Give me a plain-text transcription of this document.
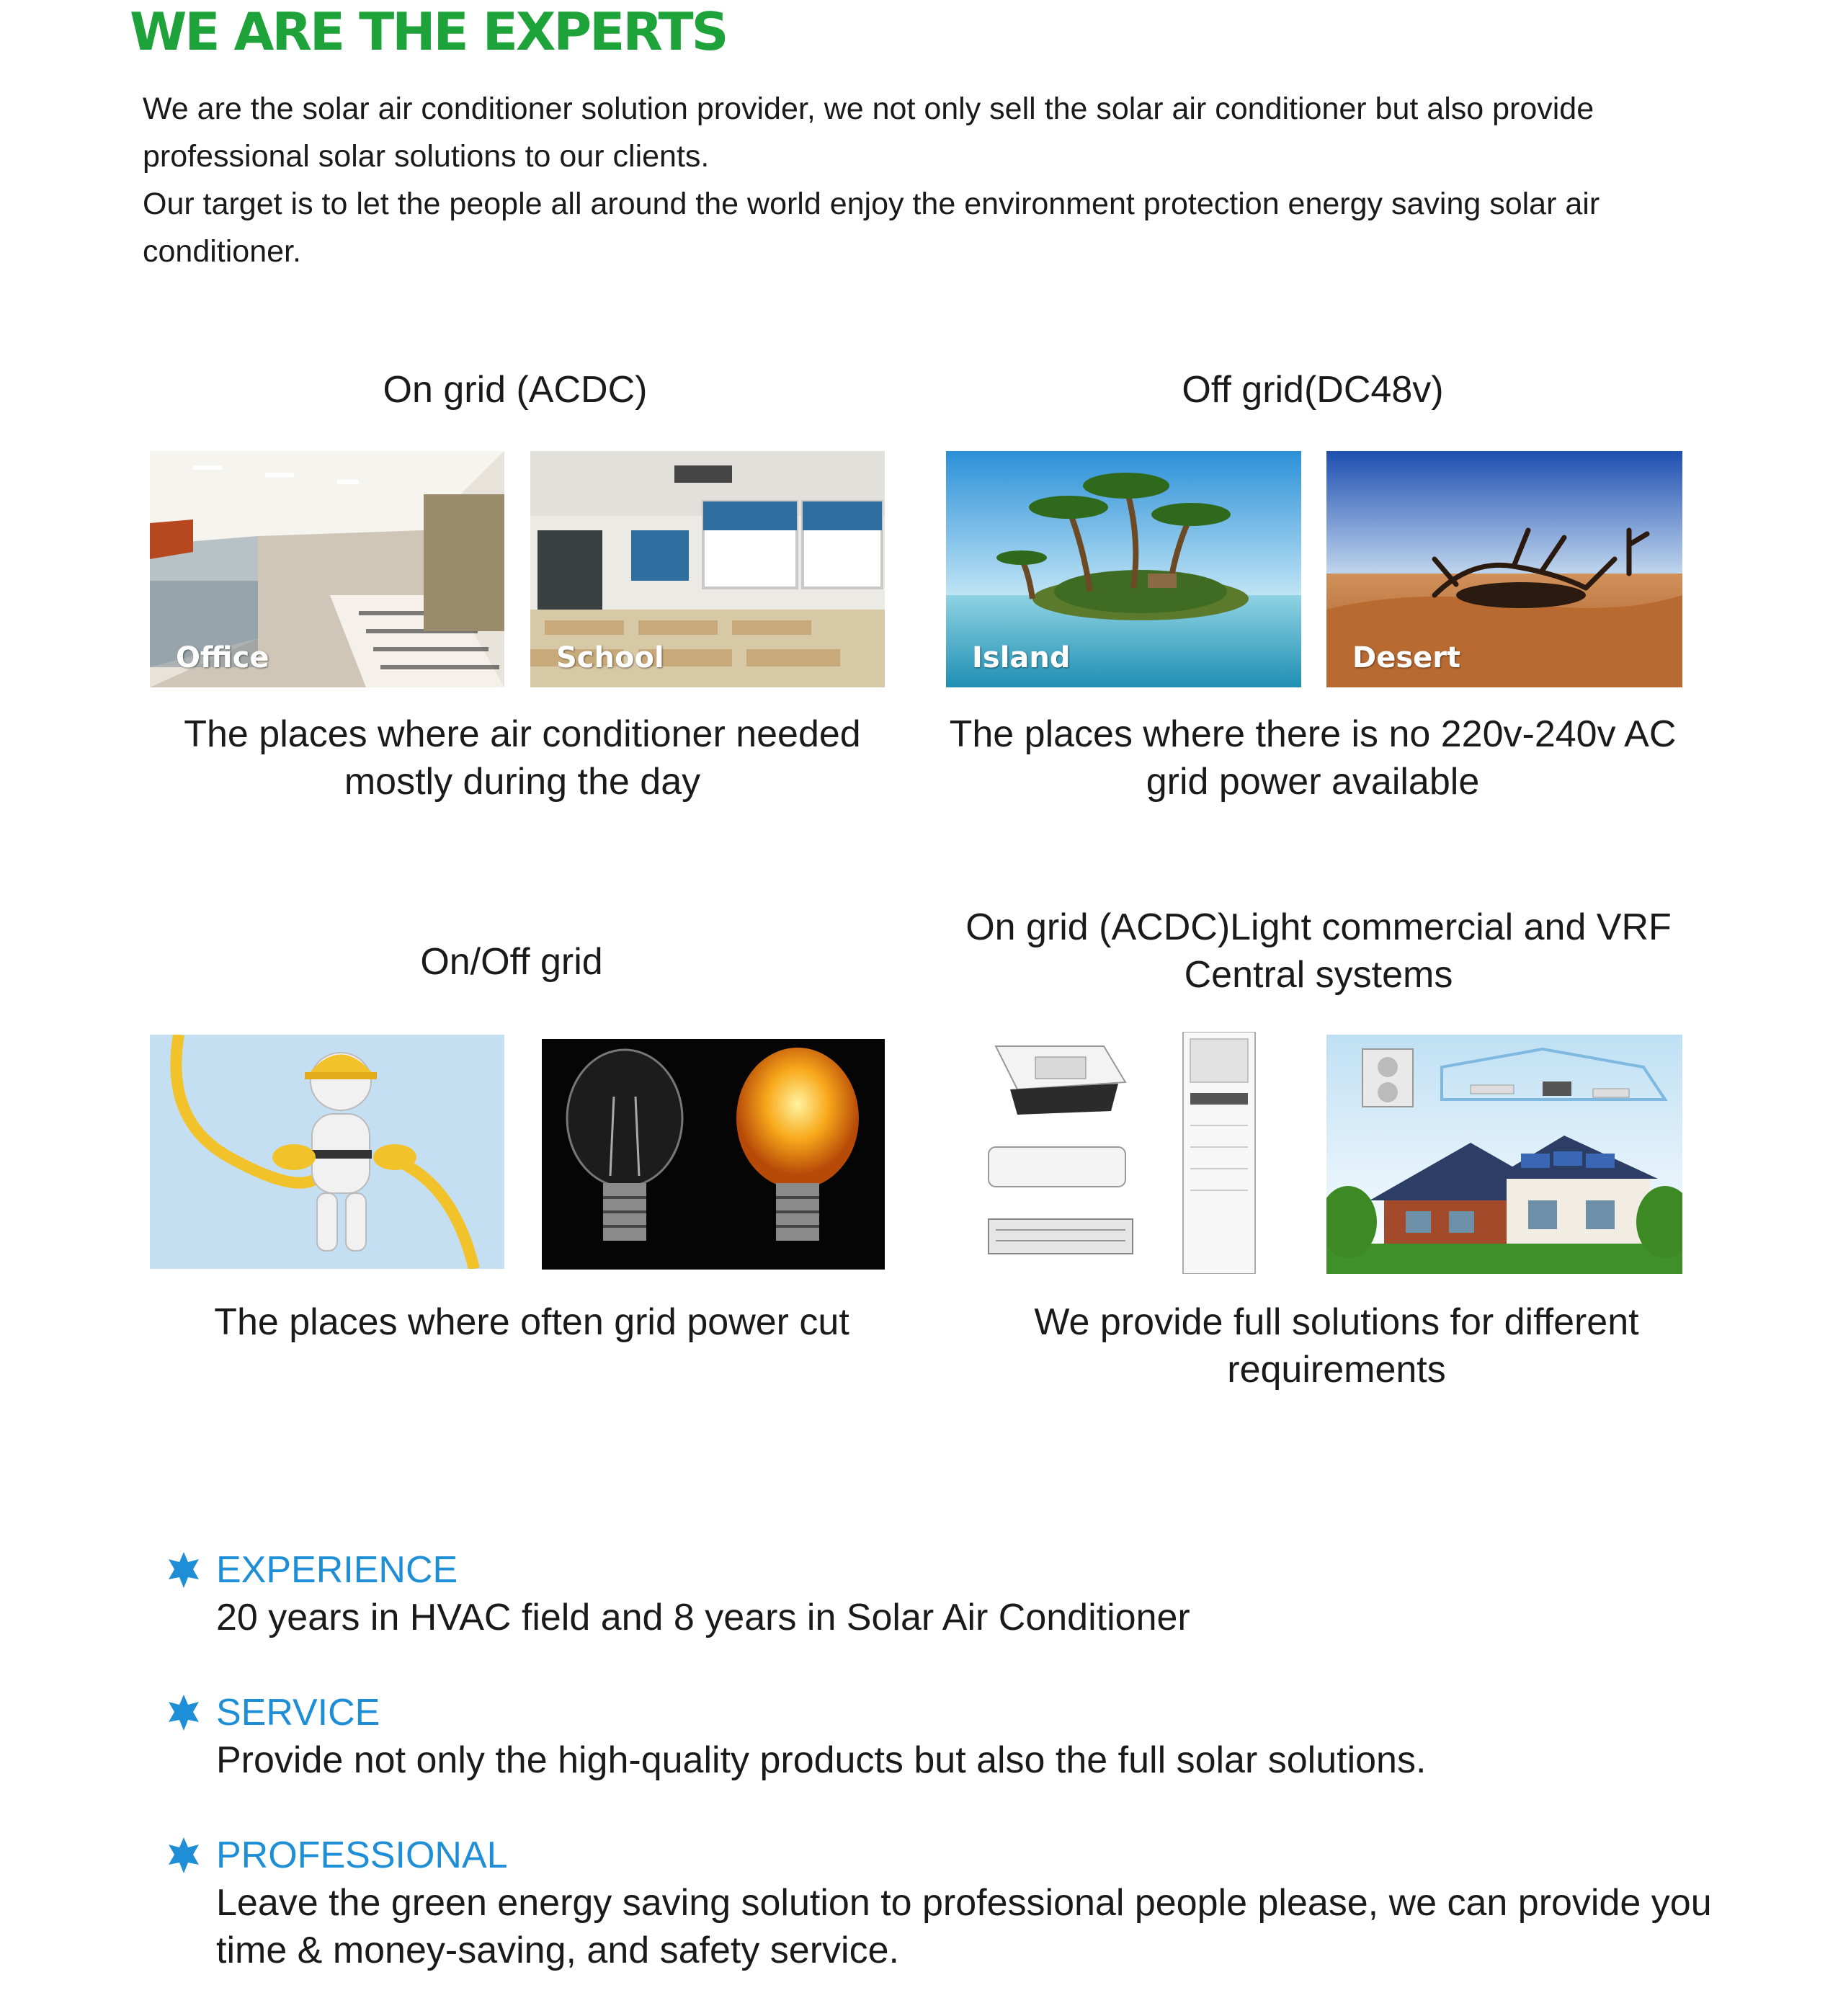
WE ARE THE EXPERTS

We are the solar air conditioner solution provider, we not only sell the solar air conditioner but also provide professional solar solutions to our clients.

Our target is to let the people all around the world enjoy the environment protection energy saving solar air conditioner.

On grid (ACDC)
Office	School
The places where air conditioner needed mostly during the day
Off grid(DC48v)
Island	Desert
The places where there is no 220v-240v AC grid power available
On/Off grid
The places where often grid power cut
On grid (ACDC)Light commercial and VRF Central systems
We provide full solutions for different requirements
EXPERIENCE
20 years in HVAC field and 8 years in Solar Air Conditioner
SERVICE
Provide not only the high-quality products but also the full solar solutions.
PROFESSIONAL
Leave the green energy saving solution to professional people please, we can provide you time & money-saving, and safety service.
